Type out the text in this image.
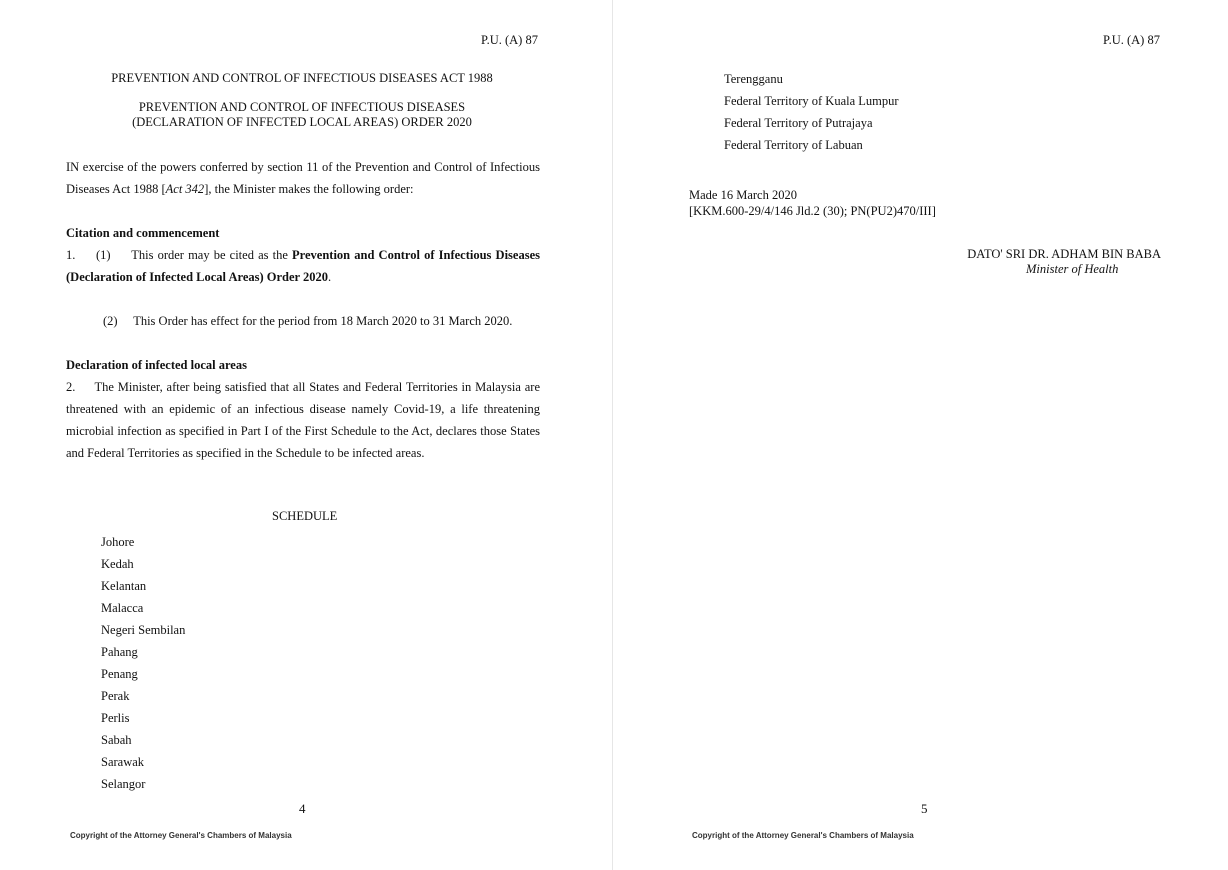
P.U. (A) 87
PREVENTION AND CONTROL OF INFECTIOUS DISEASES ACT 1988
PREVENTION AND CONTROL OF INFECTIOUS DISEASES
(DECLARATION OF INFECTED LOCAL AREAS) ORDER 2020
IN exercise of the powers conferred by section 11 of the Prevention and Control of Infectious Diseases Act 1988 [Act 342], the Minister makes the following order:
Citation and commencement
1.     (1)     This order may be cited as the Prevention and Control of Infectious Diseases (Declaration of Infected Local Areas) Order 2020.
(2)     This Order has effect for the period from 18 March 2020 to 31 March 2020.
Declaration of infected local areas
2.     The Minister, after being satisfied that all States and Federal Territories in Malaysia are threatened with an epidemic of an infectious disease namely Covid-19, a life threatening microbial infection as specified in Part I of the First Schedule to the Act, declares those States and Federal Territories as specified in the Schedule to be infected areas.
SCHEDULE
Johore
Kedah
Kelantan
Malacca
Negeri Sembilan
Pahang
Penang
Perak
Perlis
Sabah
Sarawak
Selangor
4
Copyright of the Attorney General's Chambers of Malaysia
P.U. (A) 87
Terengganu
Federal Territory of Kuala Lumpur
Federal Territory of Putrajaya
Federal Territory of Labuan
Made 16 March 2020
[KKM.600-29/4/146 Jld.2 (30); PN(PU2)470/III]
DATO' SRI DR. ADHAM BIN BABA
Minister of Health
5
Copyright of the Attorney General's Chambers of Malaysia
